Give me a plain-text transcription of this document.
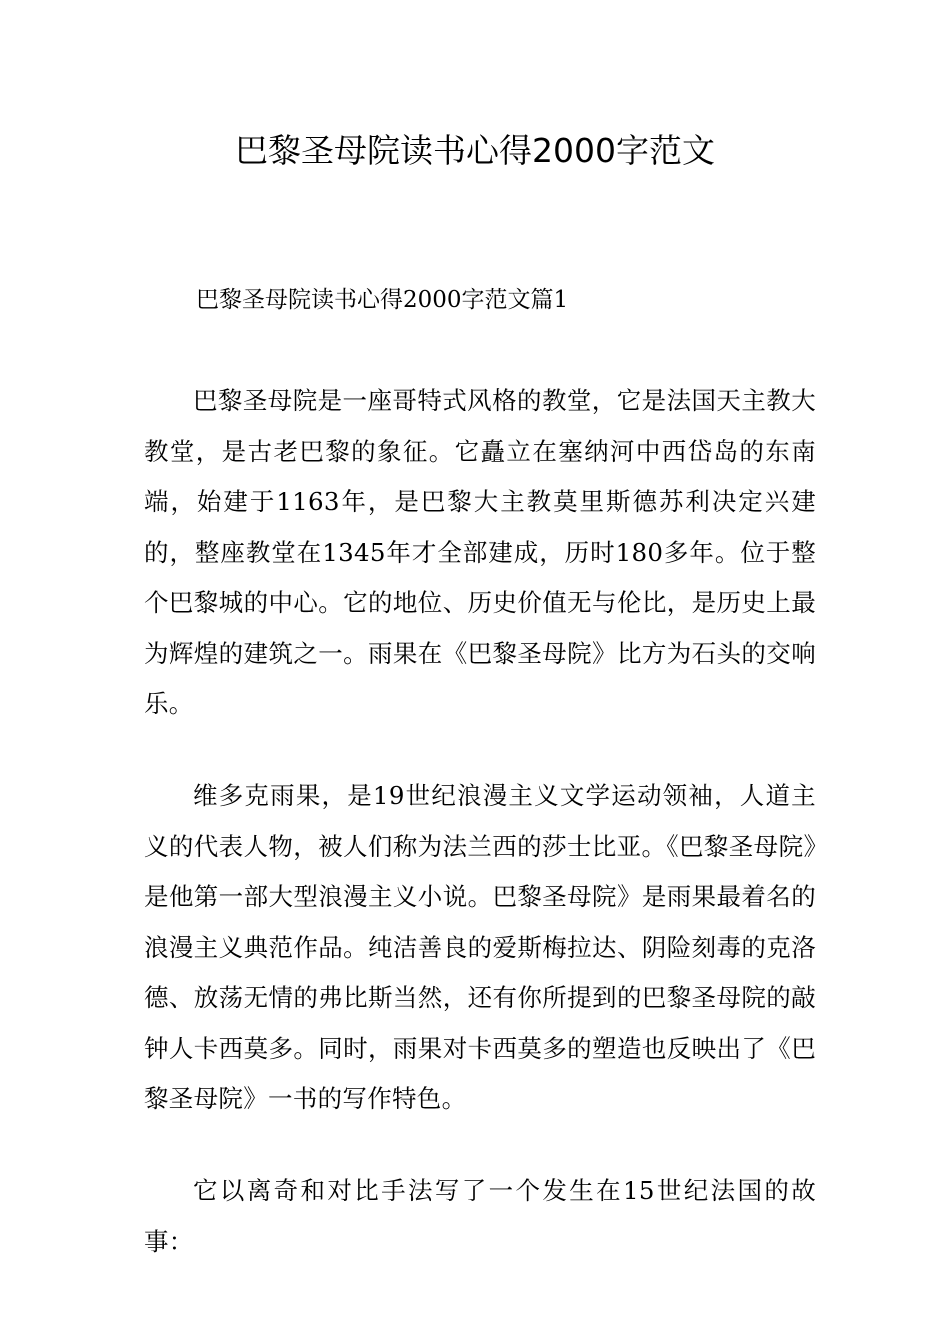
巴黎圣母院读书心得2000字范文

巴黎圣母院读书心得2000字范文篇1

巴黎圣母院是一座哥特式风格的教堂，它是法国天主教大教堂，是古老巴黎的象征。它矗立在塞纳河中西岱岛的东南端，始建于1163年，是巴黎大主教莫里斯德苏利决定兴建的，整座教堂在1345年才全部建成，历时180多年。位于整个巴黎城的中心。它的地位、历史价值无与伦比，是历史上最为辉煌的建筑之一。雨果在《巴黎圣母院》比方为石头的交响乐。

维多克雨果，是19世纪浪漫主义文学运动领袖，人道主义的代表人物，被人们称为法兰西的莎士比亚。《巴黎圣母院》是他第一部大型浪漫主义小说。巴黎圣母院》是雨果最着名的浪漫主义典范作品。纯洁善良的爱斯梅拉达、阴险刻毒的克洛德、放荡无情的弗比斯当然，还有你所提到的巴黎圣母院的敲钟人卡西莫多。同时，雨果对卡西莫多的塑造也反映出了《巴黎圣母院》一书的写作特色。

它以离奇和对比手法写了一个发生在15世纪法国的故事：
